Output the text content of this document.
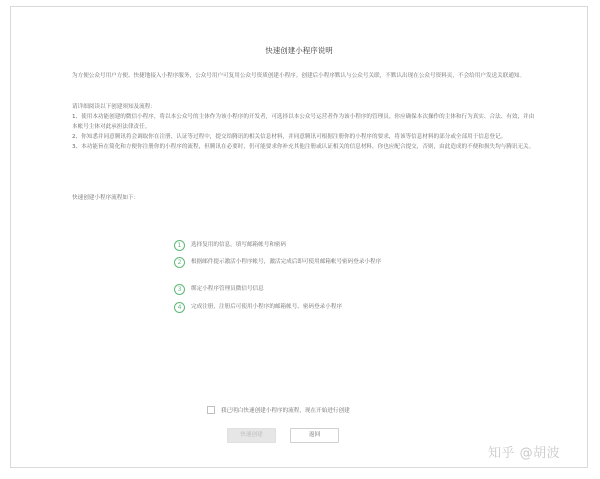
快速创建小程序说明

为方便公众号用户方便、快捷地接入小程序服务，公众号用户可复用公众号资质创建小程序。创建后小程序默认与公众号关联，不默认出现在公众号资料页，不会给用户发送关联通知。

请详细阅读以下创建须知及流程：
1、使用本功能创建的微信小程序，将以本公众号的主体作为该小程序的开发者，可选择以本公众号运营者作为该小程序的管理员。你应确保本次操作的主体和行为真实、合法、有效，并由本帐号主体对此承担法律责任。
2、你知悉并同意腾讯将会调取你在注册、认证等过程中，提交给腾讯的相关信息材料，并同意腾讯可根据注册你的小程序的要求，将该等信息材料的部分或全部用于信息登记。
3、本功能旨在简化和方便你注册你的小程序的流程，但腾讯在必要时，仍可能要求你补充其他注册或认证相关的信息材料，你也应配合提交，否则，由此造成的不便和损失均与腾讯无关。
快速创建小程序流程如下：
1	选择复用的信息，填写邮箱帐号和密码
2	根据邮件提示激活小程序帐号，激活完成后即可使用邮箱帐号密码登录小程序
3	绑定小程序管理员微信号信息
4	完成注册，注册后可使用小程序的邮箱帐号、密码登录小程序
我已明白快速创建小程序的流程，现在开始进行创建
快速创建	返回
知乎 @胡波
